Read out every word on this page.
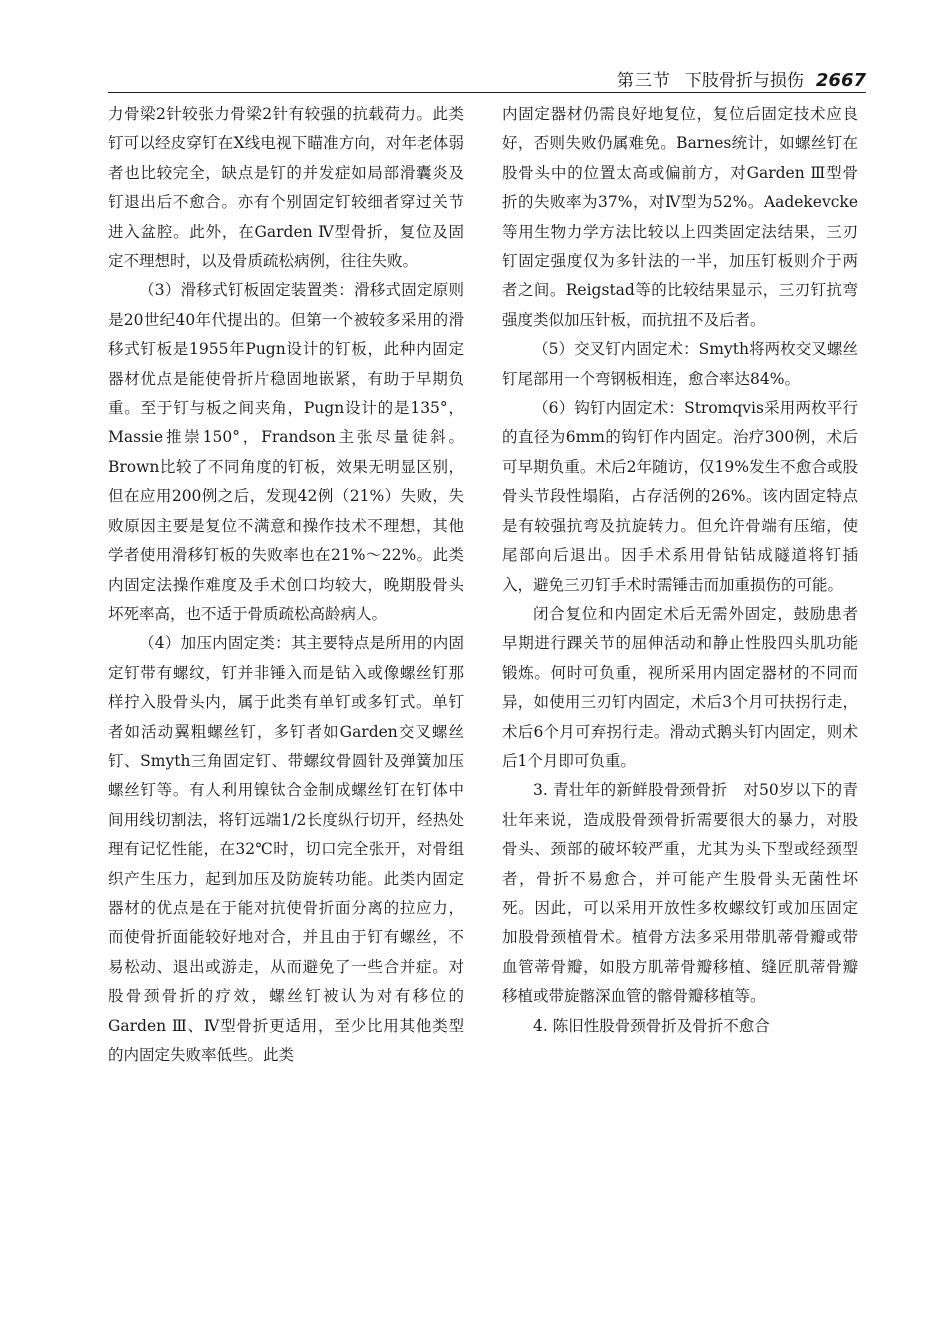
第三节 下肢骨折与损伤 2667

力骨梁2针较张力骨梁2针有较强的抗载荷力。此类钉可以经皮穿钉在X线电视下瞄准方向，对年老体弱者也比较完全，缺点是钉的并发症如局部滑囊炎及钉退出后不愈合。亦有个别固定钉较细者穿过关节进入盆腔。此外，在Garden Ⅳ型骨折，复位及固定不理想时，以及骨质疏松病例，往往失败。

（3）滑移式钉板固定装置类：滑移式固定原则是20世纪40年代提出的。但第一个被较多采用的滑移式钉板是1955年Pugn设计的钉板，此种内固定器材优点是能使骨折片稳固地嵌紧，有助于早期负重。至于钉与板之间夹角，Pugn设计的是135°，Massie推崇150°，Frandson主张尽量徒斜。Brown比较了不同角度的钉板，效果无明显区别，但在应用200例之后，发现42例（21%）失败，失败原因主要是复位不满意和操作技术不理想，其他学者使用滑移钉板的失败率也在21%～22%。此类内固定法操作难度及手术创口均较大，晚期股骨头坏死率高，也不适于骨质疏松高龄病人。

（4）加压内固定类：其主要特点是所用的内固定钉带有螺纹，钉并非锤入而是钻入或像螺丝钉那样拧入股骨头内，属于此类有单钉或多钉式。单钉者如活动翼粗螺丝钉，多钉者如Garden交叉螺丝钉、Smyth三角固定钉、带螺纹骨圆针及弹簧加压螺丝钉等。有人利用镍钛合金制成螺丝钉在钉体中间用线切割法，将钉远端1/2长度纵行切开，经热处理有记忆性能，在32℃时，切口完全张开，对骨组织产生压力，起到加压及防旋转功能。此类内固定器材的优点是在于能对抗使骨折面分离的拉应力，而使骨折面能较好地对合，并且由于钉有螺丝，不易松动、退出或游走，从而避免了一些合并症。对股骨颈骨折的疗效，螺丝钉被认为对有移位的Garden Ⅲ、Ⅳ型骨折更适用，至少比用其他类型的内固定失败率低些。此类

内固定器材仍需良好地复位，复位后固定技术应良好，否则失败仍属难免。Barnes统计，如螺丝钉在股骨头中的位置太高或偏前方，对Garden Ⅲ型骨折的失败率为37%，对Ⅳ型为52%。Aadekevcke等用生物力学方法比较以上四类固定法结果，三刃钉固定强度仅为多针法的一半，加压钉板则介于两者之间。Reigstad等的比较结果显示，三刃钉抗弯强度类似加压针板，而抗扭不及后者。

（5）交叉钉内固定术：Smyth将两枚交叉螺丝钉尾部用一个弯钢板相连，愈合率达84%。

（6）钩钉内固定术：Stromqvis采用两枚平行的直径为6mm的钩钉作内固定。治疗300例，术后可早期负重。术后2年随访，仅19%发生不愈合或股骨头节段性塌陷，占存活例的26%。该内固定特点是有较强抗弯及抗旋转力。但允许骨端有压缩，使尾部向后退出。因手术系用骨钻钻成隧道将钉插入，避免三刃钉手术时需锤击而加重损伤的可能。

闭合复位和内固定术后无需外固定，鼓励患者早期进行踝关节的屈伸活动和静止性股四头肌功能锻炼。何时可负重，视所采用内固定器材的不同而异，如使用三刃钉内固定，术后3个月可扶拐行走，术后6个月可弃拐行走。滑动式鹅头钉内固定，则术后1个月即可负重。

3. 青壮年的新鲜股骨颈骨折　对50岁以下的青壮年来说，造成股骨颈骨折需要很大的暴力，对股骨头、颈部的破坏较严重，尤其为头下型或经颈型者，骨折不易愈合，并可能产生股骨头无菌性坏死。因此，可以采用开放性多枚螺纹钉或加压固定加股骨颈植骨术。植骨方法多采用带肌蒂骨瓣或带血管蒂骨瓣，如股方肌蒂骨瓣移植、缝匠肌蒂骨瓣移植或带旋髂深血管的髂骨瓣移植等。

4. 陈旧性股骨颈骨折及骨折不愈合
